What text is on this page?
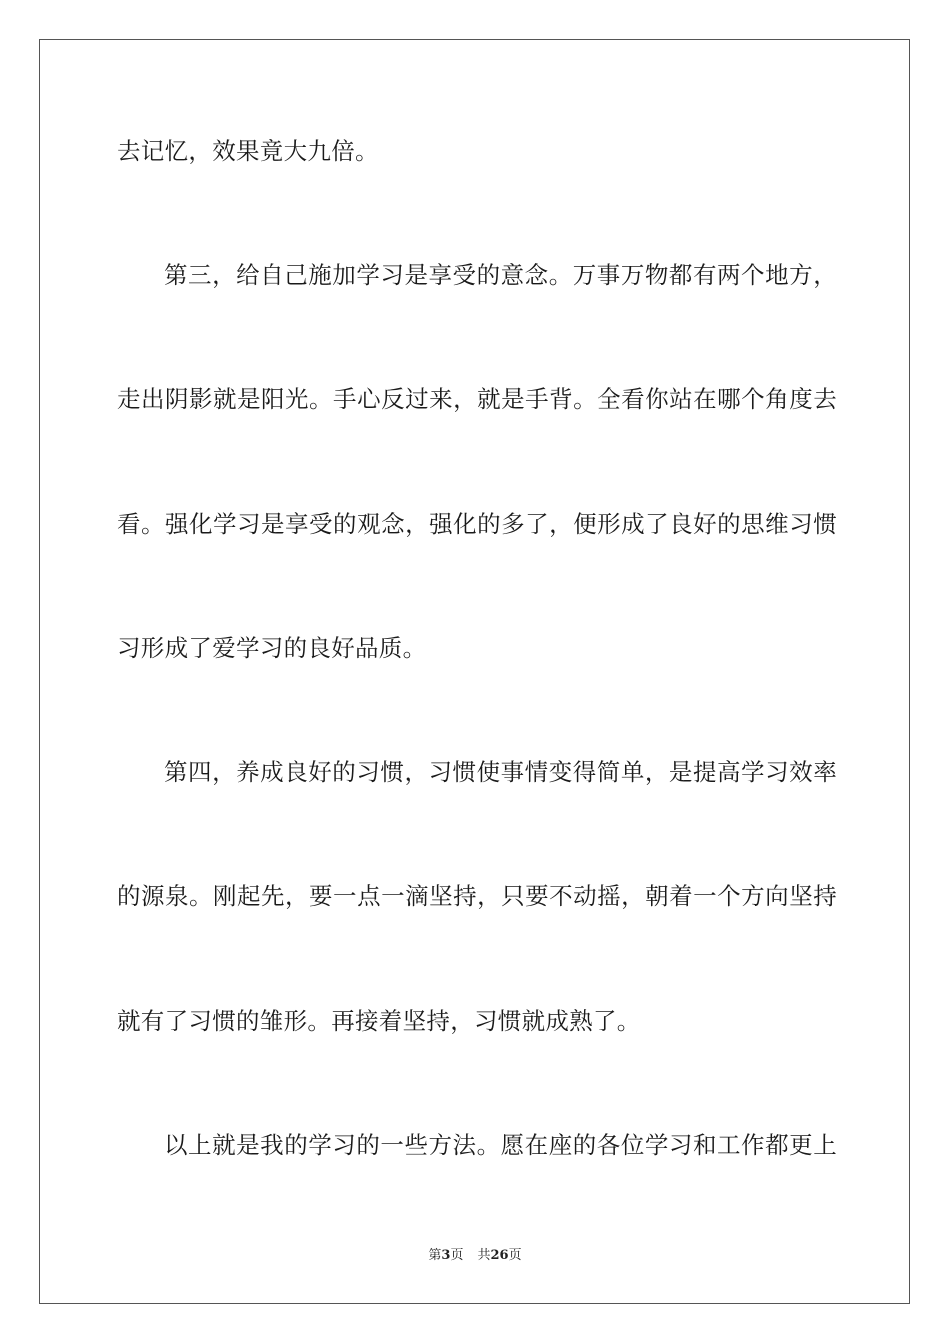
去记忆，效果竟大九倍。
第三，给自己施加学习是享受的意念。万事万物都有两个地方，
走出阴影就是阳光。手心反过来，就是手背。全看你站在哪个角度去
看。强化学习是享受的观念，强化的多了，便形成了良好的思维习惯
习形成了爱学习的良好品质。
第四，养成良好的习惯，习惯使事情变得简单，是提高学习效率
的源泉。刚起先，要一点一滴坚持，只要不动摇，朝着一个方向坚持
就有了习惯的雏形。再接着坚持，习惯就成熟了。
以上就是我的学习的一些方法。愿在座的各位学习和工作都更上
第3页 共26页
